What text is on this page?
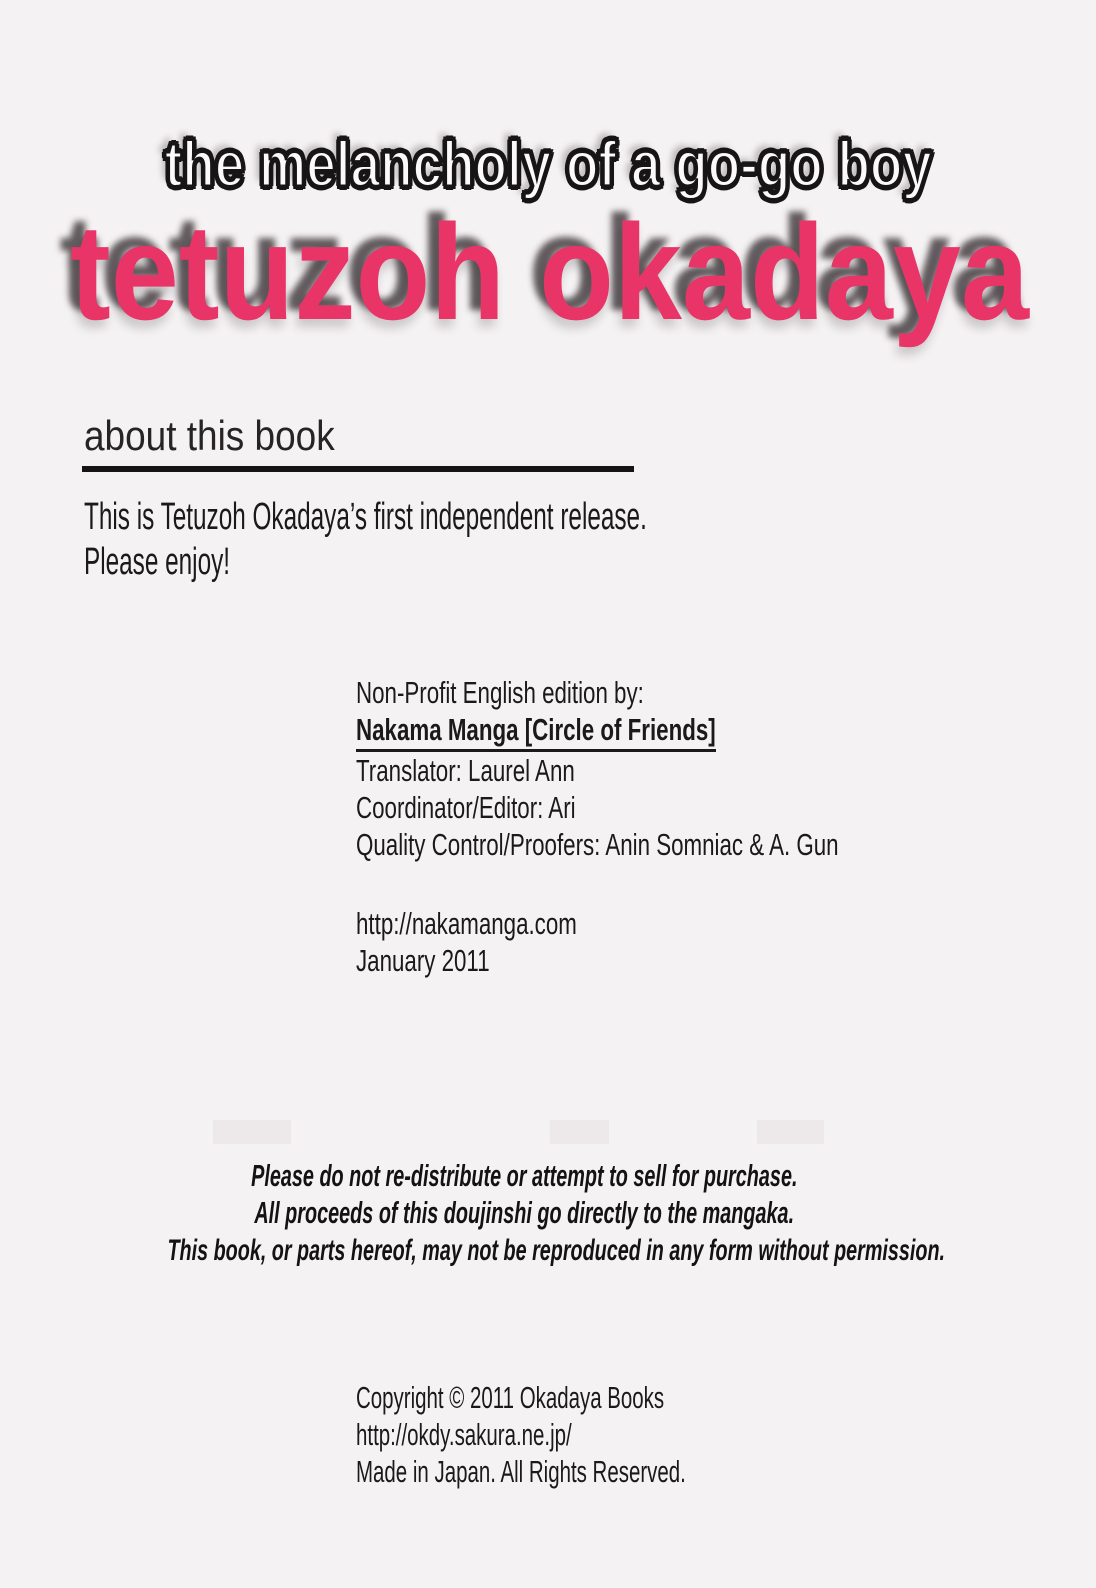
the melancholy of a go-go boy
tetuzoh okadaya
about this book
This is Tetuzoh Okadaya’s first independent release.
Please enjoy!
Non-Profit English edition by:
Nakama Manga [Circle of Friends]
Translator: Laurel Ann
Coordinator/Editor: Ari
Quality Control/Proofers: Anin Somniac & A. Gun
http://nakamanga.com
January 2011
Please do not re-distribute or attempt to sell for purchase.
All proceeds of this doujinshi go directly to the mangaka.
This book, or parts hereof, may not be reproduced in any form without permission.
Copyright © 2011 Okadaya Books
http://okdy.sakura.ne.jp/
Made in Japan. All Rights Reserved.
